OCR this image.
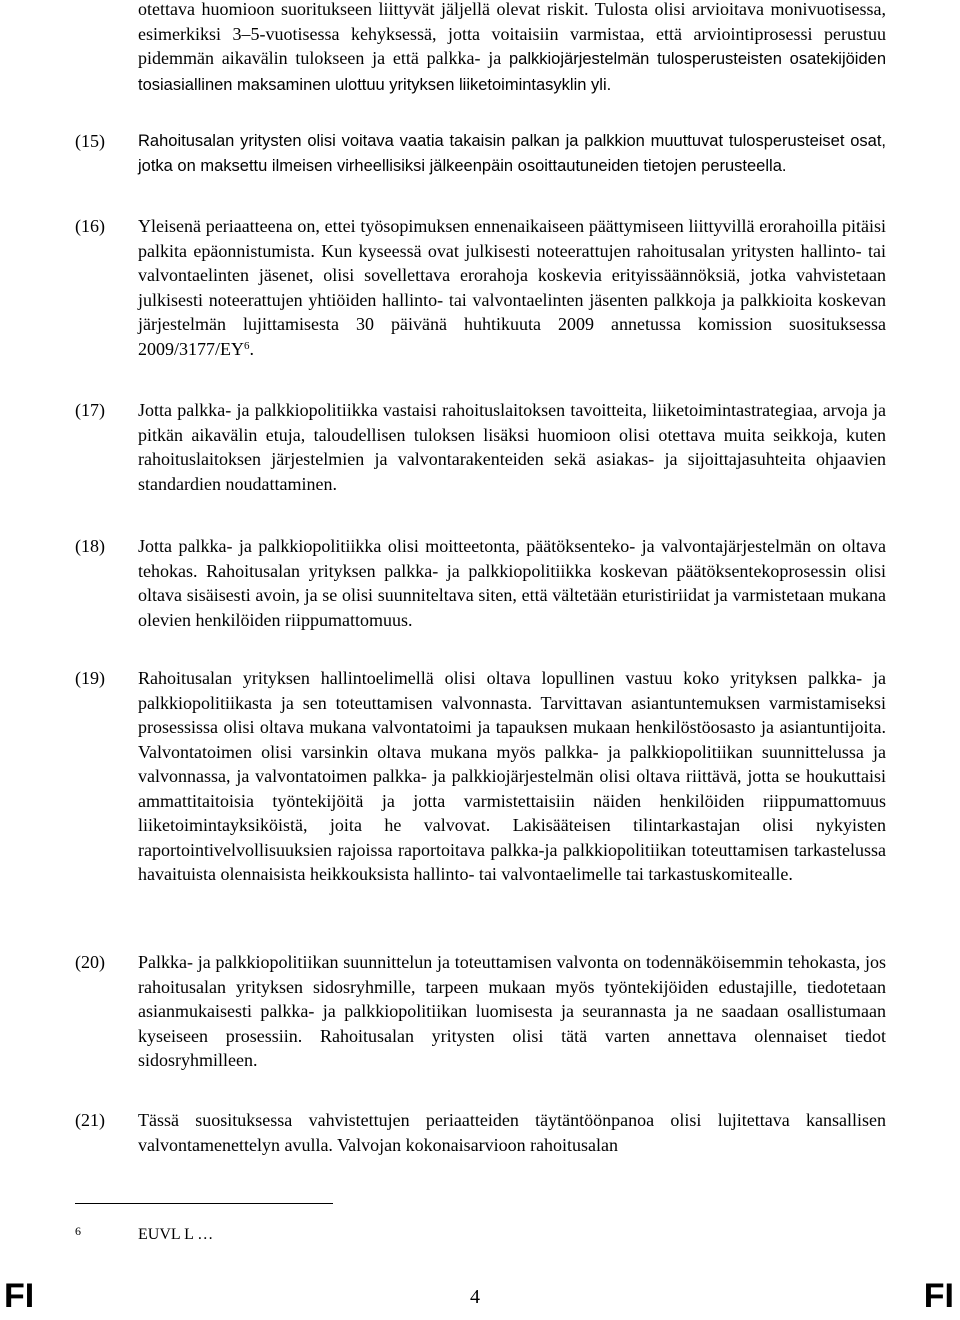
otettava huomioon suoritukseen liittyvät jäljellä olevat riskit. Tulosta olisi arvioitava monivuotisessa, esimerkiksi 3–5-vuotisessa kehyksessä, jotta voitaisiin varmistaa, että arviointiprosessi perustuu pidemmän aikavälin tulokseen ja että palkka- ja palkkiojärjestelmän tulosperusteisten osatekijöiden tosiasiallinen maksaminen ulottuu yrityksen liiketoimintasyklin yli.

(15)	Rahoitusalan yritysten olisi voitava vaatia takaisin palkan ja palkkion muuttuvat tulosperusteiset osat, jotka on maksettu ilmeisen virheellisiksi jälkeenpäin osoittautuneiden tietojen perusteella.
(16)	Yleisenä periaatteena on, ettei työsopimuksen ennenaikaiseen päättymiseen liittyvillä erorahoilla pitäisi palkita epäonnistumista. Kun kyseessä ovat julkisesti noteerattujen rahoitusalan yritysten hallinto- tai valvontaelinten jäsenet, olisi sovellettava erorahoja koskevia erityissäännöksiä, jotka vahvistetaan julkisesti noteerattujen yhtiöiden hallinto- tai valvontaelinten jäsenten palkkoja ja palkkioita koskevan järjestelmän lujittamisesta 30 päivänä huhtikuuta 2009 annetussa komission suosituksessa $2009/3177/EY^6$.
(17)	Jotta palkka- ja palkkiopolitiikka vastaisi rahoituslaitoksen tavoitteita, liiketoimintastrategiaa, arvoja ja pitkän aikavälin etuja, taloudellisen tuloksen lisäksi huomioon olisi otettava muita seikkoja, kuten rahoituslaitoksen järjestelmien ja valvontarakenteiden sekä asiakas- ja sijoittajasuhteita ohjaavien standardien noudattaminen.
(18)	Jotta palkka- ja palkkiopolitiikka olisi moitteetonta, päätöksenteko- ja valvontajärjestelmän on oltava tehokas. Rahoitusalan yrityksen palkka- ja palkkiopolitiikka koskevan päätöksentekoprosessin olisi oltava sisäisesti avoin, ja se olisi suunniteltava siten, että vältetään eturistiriidat ja varmistetaan mukana olevien henkilöiden riippumattomuus.
(19)	Rahoitusalan yrityksen hallintoelimellä olisi oltava lopullinen vastuu koko yrityksen palkka- ja palkkiopolitiikasta ja sen toteuttamisen valvonnasta. Tarvittavan asiantuntemuksen varmistamiseksi prosessissa olisi oltava mukana valvontatoimi ja tapauksen mukaan henkilöstöosasto ja asiantuntijoita. Valvontatoimen olisi varsinkin oltava mukana myös palkka- ja palkkiopolitiikan suunnittelussa ja valvonnassa, ja valvontatoimen palkka- ja palkkiojärjestelmän olisi oltava riittävä, jotta se houkuttaisi ammattitaitoisia työntekijöitä ja jotta varmistettaisiin näiden henkilöiden riippumattomuus liiketoimintayksiköistä, joita he valvovat. Lakisääteisen tilintarkastajan olisi nykyisten raportointivelvollisuuksien rajoissa raportoitava palkka-ja palkkiopolitiikan toteuttamisen tarkastelussa havaituista olennaisista heikkouksista hallinto- tai valvontaelimelle tai tarkastuskomitealle.
(20)	Palkka- ja palkkiopolitiikan suunnittelun ja toteuttamisen valvonta on todennäköisemmin tehokasta, jos rahoitusalan yrityksen sidosryhmille, tarpeen mukaan myös työntekijöiden edustajille, tiedotetaan asianmukaisesti palkka- ja palkkiopolitiikan luomisesta ja seurannasta ja ne saadaan osallistumaan kyseiseen prosessiin. Rahoitusalan yritysten olisi tätä varten annettava olennaiset tiedot sidosryhmilleen.
(21)	Tässä suosituksessa vahvistettujen periaatteiden täytäntöönpanoa olisi lujitettava kansallisen valvontamenettelyn avulla. Valvojan kokonaisarvioon rahoitusalan
6	EUVL L …
FI	4	FI
